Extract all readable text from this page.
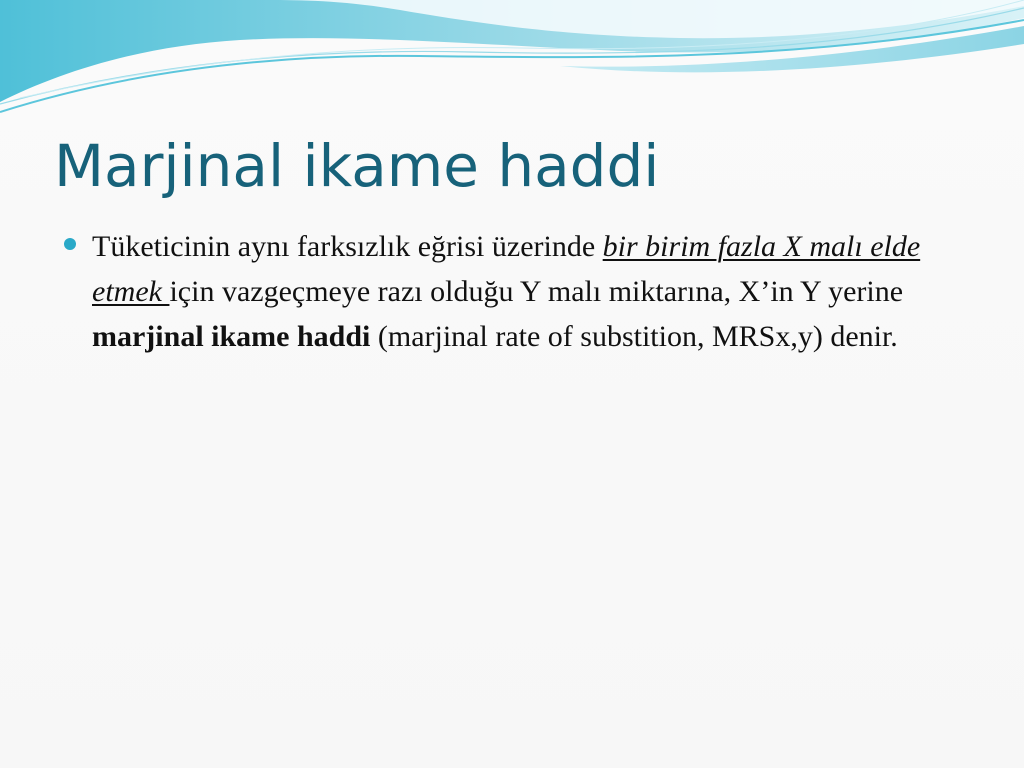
Marjinal ikame haddi
Tüketicinin aynı farksızlık eğrisi üzerinde bir birim fazla X malı elde etmek için vazgeçmeye razı olduğu Y malı miktarına, X’in Y yerine marjinal ikame haddi (marjinal rate of substition, MRSx,y) denir.
